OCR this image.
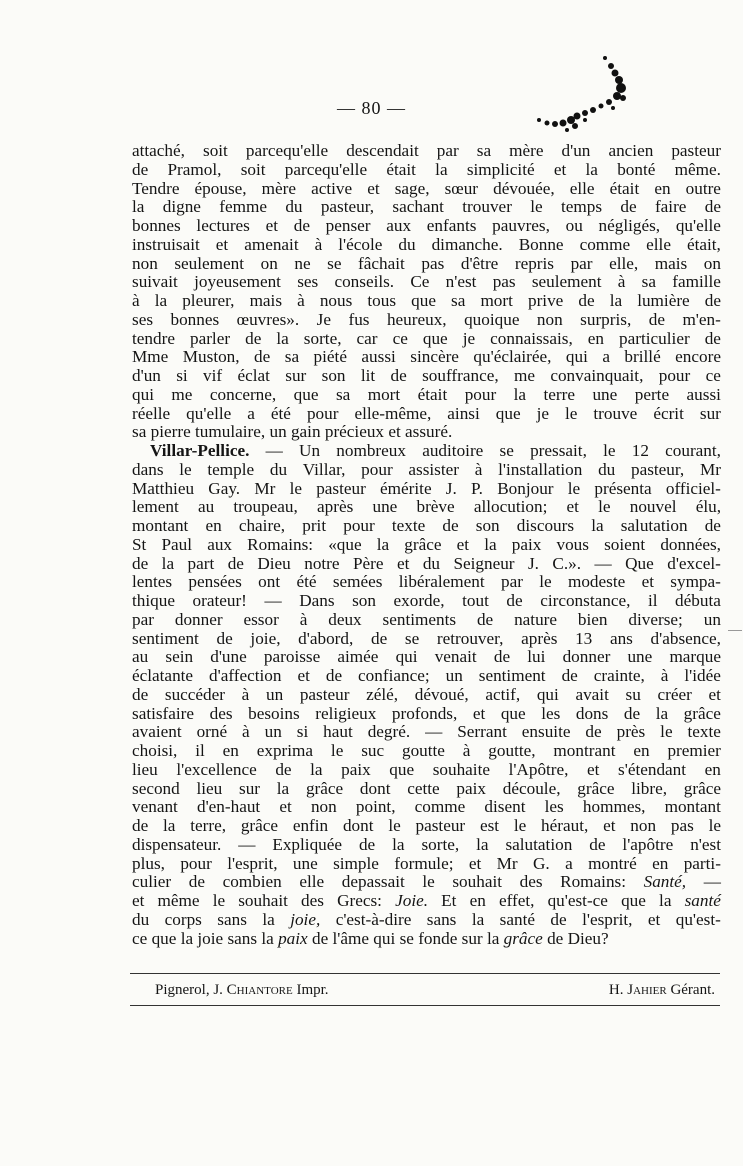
— 80 —
attaché, soit parcequ'elle descendait par sa mère d'un ancien pasteur
de Pramol, soit parcequ'elle était la simplicité et la bonté même.
Tendre épouse, mère active et sage, sœur dévouée, elle était en outre
la digne femme du pasteur, sachant trouver le temps de faire de
bonnes lectures et de penser aux enfants pauvres, ou négligés, qu'elle
instruisait et amenait à l'école du dimanche. Bonne comme elle était,
non seulement on ne se fâchait pas d'être repris par elle, mais on
suivait joyeusement ses conseils. Ce n'est pas seulement à sa famille
à la pleurer, mais à nous tous que sa mort prive de la lumière de
ses bonnes œuvres». Je fus heureux, quoique non surpris, de m'en-
tendre parler de la sorte, car ce que je connaissais, en particulier de
Mme Muston, de sa piété aussi sincère qu'éclairée, qui a brillé encore
d'un si vif éclat sur son lit de souffrance, me convainquait, pour ce
qui me concerne, que sa mort était pour la terre une perte aussi
réelle qu'elle a été pour elle-même, ainsi que je le trouve écrit sur
sa
pierre
tumulaire,
un
gain
précieux
et
assuré.
Villar-Pellice. — Un nombreux auditoire se pressait, le 12 courant,
dans le temple du Villar, pour assister à l'installation du pasteur, Mr
Matthieu Gay. Mr le pasteur émérite J. P. Bonjour le présenta officiel-
lement au troupeau, après une brève allocution; et le nouvel élu,
montant en chaire, prit pour texte de son discours la salutation de
St Paul aux Romains: «que la grâce et la paix vous soient données,
de la part de Dieu notre Père et du Seigneur J. C.». — Que d'excel-
lentes pensées ont été semées libéralement par le modeste et sympa-
thique orateur! — Dans son exorde, tout de circonstance, il débuta
par donner essor à deux sentiments de nature bien diverse; un
sentiment de joie, d'abord, de se retrouver, après 13 ans d'absence,
au sein d'une paroisse aimée qui venait de lui donner une marque
éclatante d'affection et de confiance; un sentiment de crainte, à l'idée
de succéder à un pasteur zélé, dévoué, actif, qui avait su créer et
satisfaire des besoins religieux profonds, et que les dons de la grâce
avaient orné à un si haut degré. — Serrant ensuite de près le texte
choisi, il en exprima le suc goutte à goutte, montrant en premier
lieu l'excellence de la paix que souhaite l'Apôtre, et s'étendant en
second lieu sur la grâce dont cette paix découle, grâce libre, grâce
venant d'en-haut et non point, comme disent les hommes, montant
de la terre, grâce enfin dont le pasteur est le héraut, et non pas le
dispensateur. — Expliquée de la sorte, la salutation de l'apôtre n'est
plus, pour l'esprit, une simple formule; et Mr G. a montré en parti-
culier de combien elle depassait le souhait des Romains: Santé, —
et même le souhait des Grecs: Joie. Et en effet, qu'est-ce que la santé
du corps sans la joie, c'est-à-dire sans la santé de l'esprit, et qu'est-
ce
que
la
joie
sans
la
paix
de
l'âme
qui
se
fonde
sur
la
grâce
de
Dieu?
Pignerol, J. Chiantore Impr.	H. Jahier Gérant.
